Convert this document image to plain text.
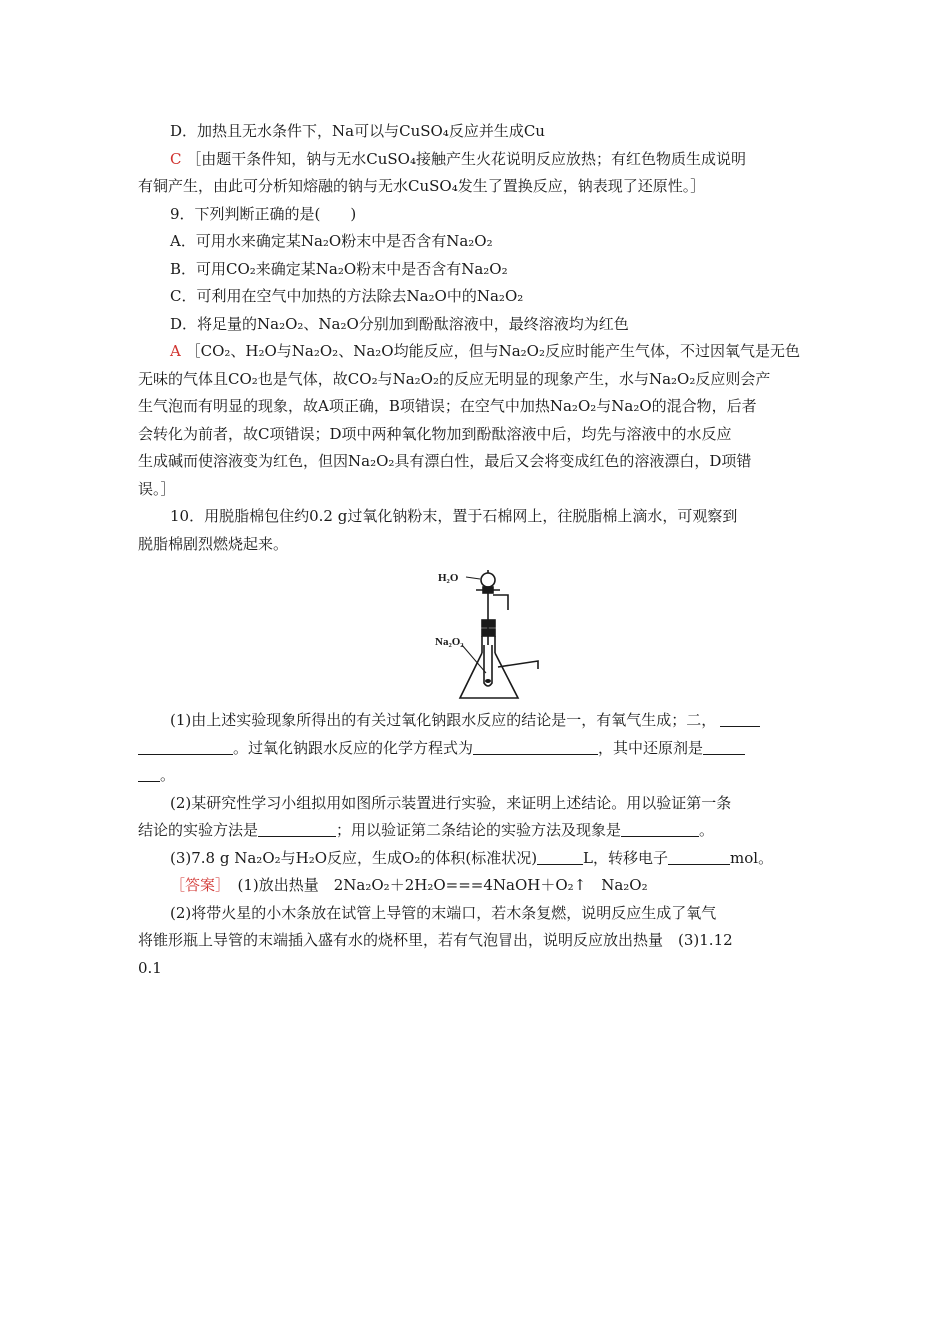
D．加热且无水条件下，Na可以与CuSO₄反应并生成Cu
C ［由题干条件知，钠与无水CuSO₄接触产生火花说明反应放热；有红色物质生成说明
有铜产生，由此可分析知熔融的钠与无水CuSO₄发生了置换反应，钠表现了还原性。］
9．下列判断正确的是(　　)
A．可用水来确定某Na₂O粉末中是否含有Na₂O₂
B．可用CO₂来确定某Na₂O粉末中是否含有Na₂O₂
C．可利用在空气中加热的方法除去Na₂O中的Na₂O₂
D．将足量的Na₂O₂、Na₂O分别加到酚酞溶液中，最终溶液均为红色
A ［CO₂、H₂O与Na₂O₂、Na₂O均能反应，但与Na₂O₂反应时能产生气体，不过因氧气是无色
无味的气体且CO₂也是气体，故CO₂与Na₂O₂的反应无明显的现象产生，水与Na₂O₂反应则会产
生气泡而有明显的现象，故A项正确，B项错误；在空气中加热Na₂O₂与Na₂O的混合物，后者
会转化为前者，故C项错误；D项中两种氧化物加到酚酞溶液中后，均先与溶液中的水反应
生成碱而使溶液变为红色，但因Na₂O₂具有漂白性，最后又会将变成红色的溶液漂白，D项错
误。］
10．用脱脂棉包住约0.2 g过氧化钠粉末，置于石棉网上，往脱脂棉上滴水，可观察到
脱脂棉剧烈燃烧起来。
H₂O
Na₂O₂
(1)由上述实验现象所得出的有关过氧化钠跟水反应的结论是一，有氧气生成；二，
。过氧化钠跟水反应的化学方程式为	，其中还原剂是
。
(2)某研究性学习小组拟用如图所示装置进行实验，来证明上述结论。用以验证第一条
结论的实验方法是	；用以验证第二条结论的实验方法及现象是	。
(3)7.8 g Na₂O₂与H₂O反应，生成O₂的体积(标准状况)	L，转移电子	mol。
［答案］　(1)放出热量　2Na₂O₂＋2H₂O===4NaOH＋O₂↑　Na₂O₂
(2)将带火星的小木条放在试管上导管的末端口，若木条复燃，说明反应生成了氧气
将锥形瓶上导管的末端插入盛有水的烧杯里，若有气泡冒出，说明反应放出热量　(3)1.12
0.1
